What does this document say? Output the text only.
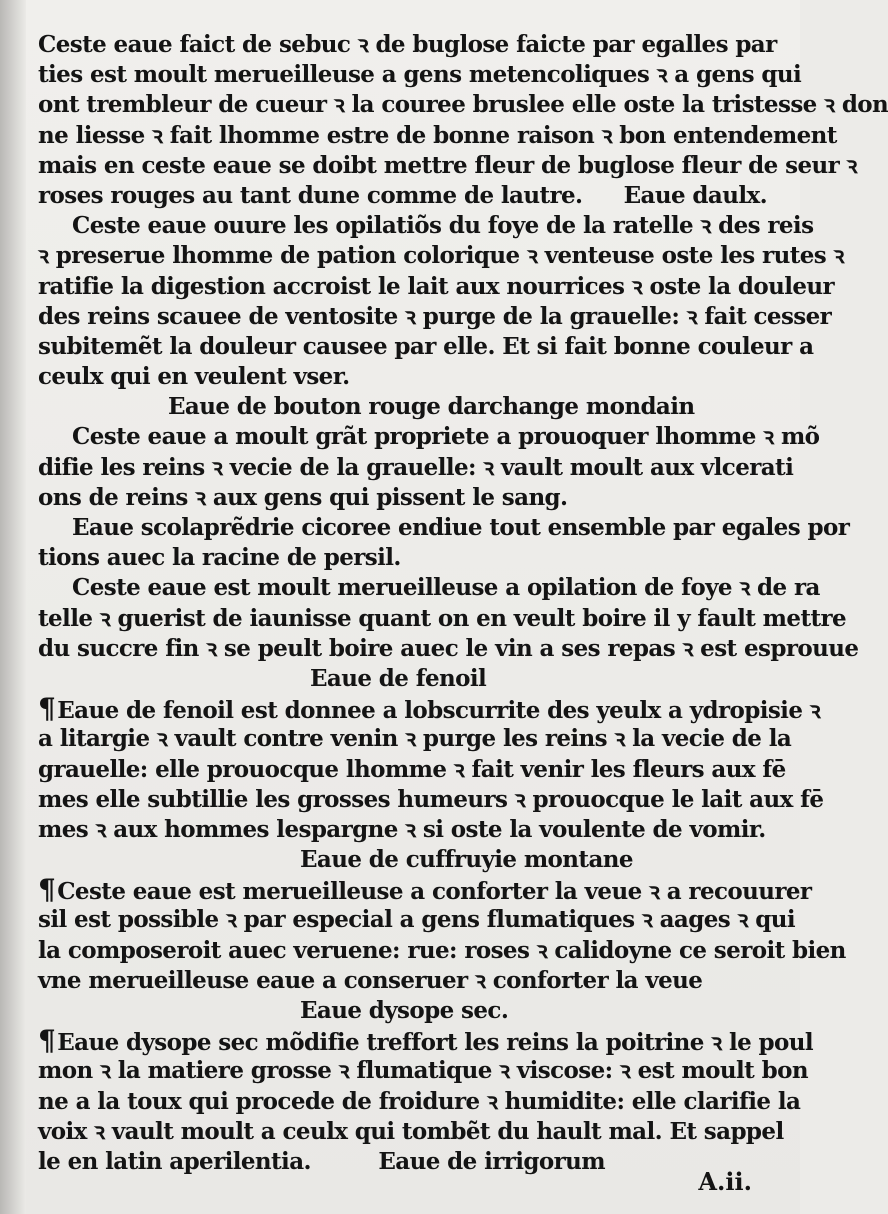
Ceste eaue faict de sebuc ꝛ de buglose faicte par egalles par
ties est moult merueilleuse a gens metencoliques ꝛ a gens qui
ont trembleur de cueur ꝛ la couree bruslee elle oste la tristesse ꝛ don
ne liesse ꝛ fait lhomme estre de bonne raison ꝛ bon entendement
mais en ceste eaue se doibt mettre fleur de buglose fleur de seur ꝛ
roses rouges au tant dune comme de lautre. Eaue daulx.
Ceste eaue ouure les opilatiõs du foye de la ratelle ꝛ des reis
ꝛ preserue lhomme de pation colorique ꝛ venteuse oste les rutes ꝛ
ratifie la digestion accroist le lait aux nourrices ꝛ oste la douleur
des reins scauee de ventosite ꝛ purge de la grauelle: ꝛ fait cesser
subitemẽt la douleur causee par elle. Et si fait bonne couleur a
ceulx qui en veulent vser.
Eaue de bouton rouge darchange mondain
Ceste eaue a moult grãt propriete a prouoquer lhomme ꝛ mõ
difie les reins ꝛ vecie de la grauelle: ꝛ vault moult aux vlcerati
ons de reins ꝛ aux gens qui pissent le sang.
Eaue scolaprẽdrie cicoree endiue tout ensemble par egales por
tions auec la racine de persil.
Ceste eaue est moult merueilleuse a opilation de foye ꝛ de ra
telle ꝛ guerist de iaunisse quant on en veult boire il y fault mettre
du succre fin ꝛ se peult boire auec le vin a ses repas ꝛ est esprouue
Eaue de fenoil
¶Eaue de fenoil est donnee a lobscurrite des yeulx a ydropisie ꝛ
a litargie ꝛ vault contre venin ꝛ purge les reins ꝛ la vecie de la
grauelle: elle prouocque lhomme ꝛ fait venir les fleurs aux fē
mes elle subtillie les grosses humeurs ꝛ prouocque le lait aux fē
mes ꝛ aux hommes lespargne ꝛ si oste la voulente de vomir.
Eaue de cuffruyie montane
¶Ceste eaue est merueilleuse a conforter la veue ꝛ a recouurer
sil est possible ꝛ par especial a gens flumatiques ꝛ aages ꝛ qui
la composeroit auec veruene: rue: roses ꝛ calidoyne ce seroit bien
vne merueilleuse eaue a conseruer ꝛ conforter la veue
Eaue dysope sec.
¶Eaue dysope sec mõdifie treffort les reins la poitrine ꝛ le poul
mon ꝛ la matiere grosse ꝛ flumatique ꝛ viscose: ꝛ est moult bon
ne a la toux qui procede de froidure ꝛ humidite: elle clarifie la
voix ꝛ vault moult a ceulx qui tombẽt du hault mal. Et sappel
le en latin aperilentia.	Eaue de irrigorum
A.ii.
